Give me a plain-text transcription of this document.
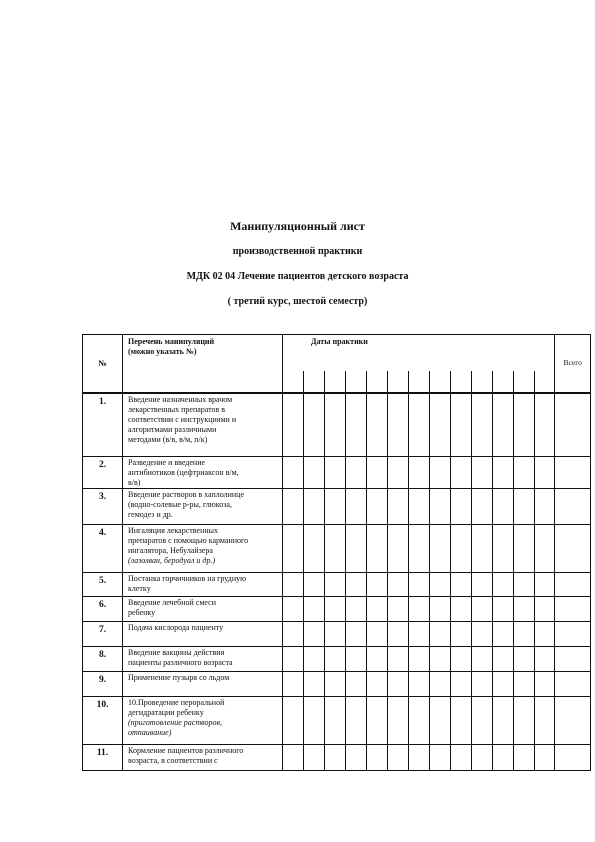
Манипуляционный лист
производственной практики
МДК 02 04 Лечение пациентов детского возраста
( третий курс, шестой семестр)
№	Перечень манипуляций
(можно указать №)	Даты практики													Всего

1.	Введение назначенных врачом
лекарственных препаратов в
соответствии с инструкциями и
алгоритмами различными
методами (в/в, в/м, п/к)														

2.	Разведение и введение
антибиотиков (цефтриаксон в/м,
в/в)														

3.	Введение растворов в хаплолинце
(водно-солевые р-ры, глюкоза,
гемодез и др.														

4.	Ингаляция лекарственных
препаратов с помощью карманного
ингалятора, Небулайзера
(лазолван, беродуал и др.)														

5.	Постанка горчичников на грудную
клетку														

6.	Введение лечебной смеси
ребенку														

7.	Подача кислорода пациенту														

8.	Введение вакцины действия
пациенты различного возраста														

9.	Применение пузыря со льдом														

10.	10.Проведение пероральной
дегидратации ребенку
(приготовление растворов,
отпаивание)														

11.	Кормление пациентов различного
возраста, в соответствии с														
